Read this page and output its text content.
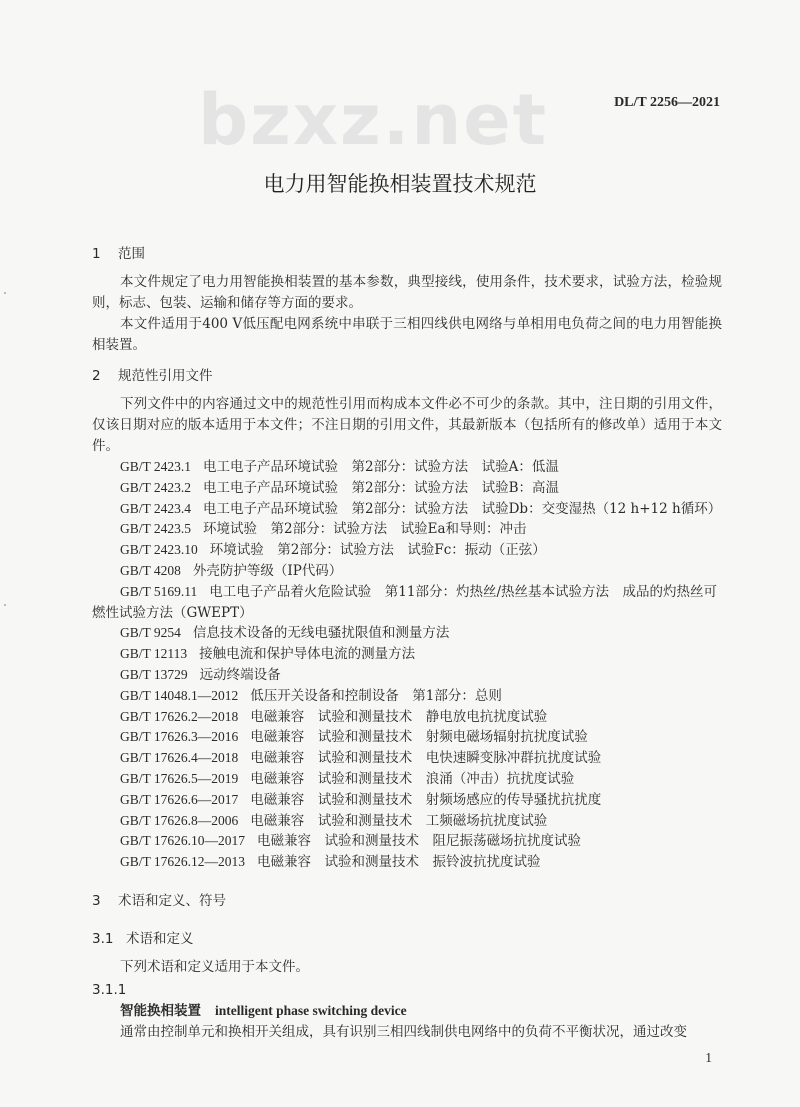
bzxz.net	DL/T 2256—2021
电力用智能换相装置技术规范
1 范围

本文件规定了电力用智能换相装置的基本参数，典型接线，使用条件，技术要求，试验方法，检验规则，标志、包装、运输和储存等方面的要求。

本文件适用于400 V低压配电网系统中串联于三相四线供电网络与单相用电负荷之间的电力用智能换相装置。

2 规范性引用文件

下列文件中的内容通过文中的规范性引用而构成本文件必不可少的条款。其中，注日期的引用文件，仅该日期对应的版本适用于本文件；不注日期的引用文件，其最新版本（包括所有的修改单）适用于本文件。

GB/T 2423.1 电工电子产品环境试验　第2部分：试验方法　试验A：低温
GB/T 2423.2 电工电子产品环境试验　第2部分：试验方法　试验B：高温
GB/T 2423.4 电工电子产品环境试验　第2部分：试验方法　试验Db：交变湿热（12 h+12 h循环）
GB/T 2423.5 环境试验　第2部分：试验方法　试验Ea和导则：冲击
GB/T 2423.10 环境试验　第2部分：试验方法　试验Fc：振动（正弦）
GB/T 4208 外壳防护等级（IP代码）
GB/T 5169.11 电工电子产品着火危险试验　第11部分：灼热丝/热丝基本试验方法　成品的灼热丝可燃性试验方法（GWEPT）
GB/T 9254 信息技术设备的无线电骚扰限值和测量方法
GB/T 12113 接触电流和保护导体电流的测量方法
GB/T 13729 远动终端设备
GB/T 14048.1—2012 低压开关设备和控制设备　第1部分：总则
GB/T 17626.2—2018 电磁兼容　试验和测量技术　静电放电抗扰度试验
GB/T 17626.3—2016 电磁兼容　试验和测量技术　射频电磁场辐射抗扰度试验
GB/T 17626.4—2018 电磁兼容　试验和测量技术　电快速瞬变脉冲群抗扰度试验
GB/T 17626.5—2019 电磁兼容　试验和测量技术　浪涌（冲击）抗扰度试验
GB/T 17626.6—2017 电磁兼容　试验和测量技术　射频场感应的传导骚扰抗扰度
GB/T 17626.8—2006 电磁兼容　试验和测量技术　工频磁场抗扰度试验
GB/T 17626.10—2017 电磁兼容　试验和测量技术　阻尼振荡磁场抗扰度试验
GB/T 17626.12—2013 电磁兼容　试验和测量技术　振铃波抗扰度试验
3 术语和定义、符号
3.1 术语和定义

下列术语和定义适用于本文件。

3.1.1

智能换相装置 intelligent phase switching device

通常由控制单元和换相开关组成，具有识别三相四线制供电网络中的负荷不平衡状况，通过改变

1
